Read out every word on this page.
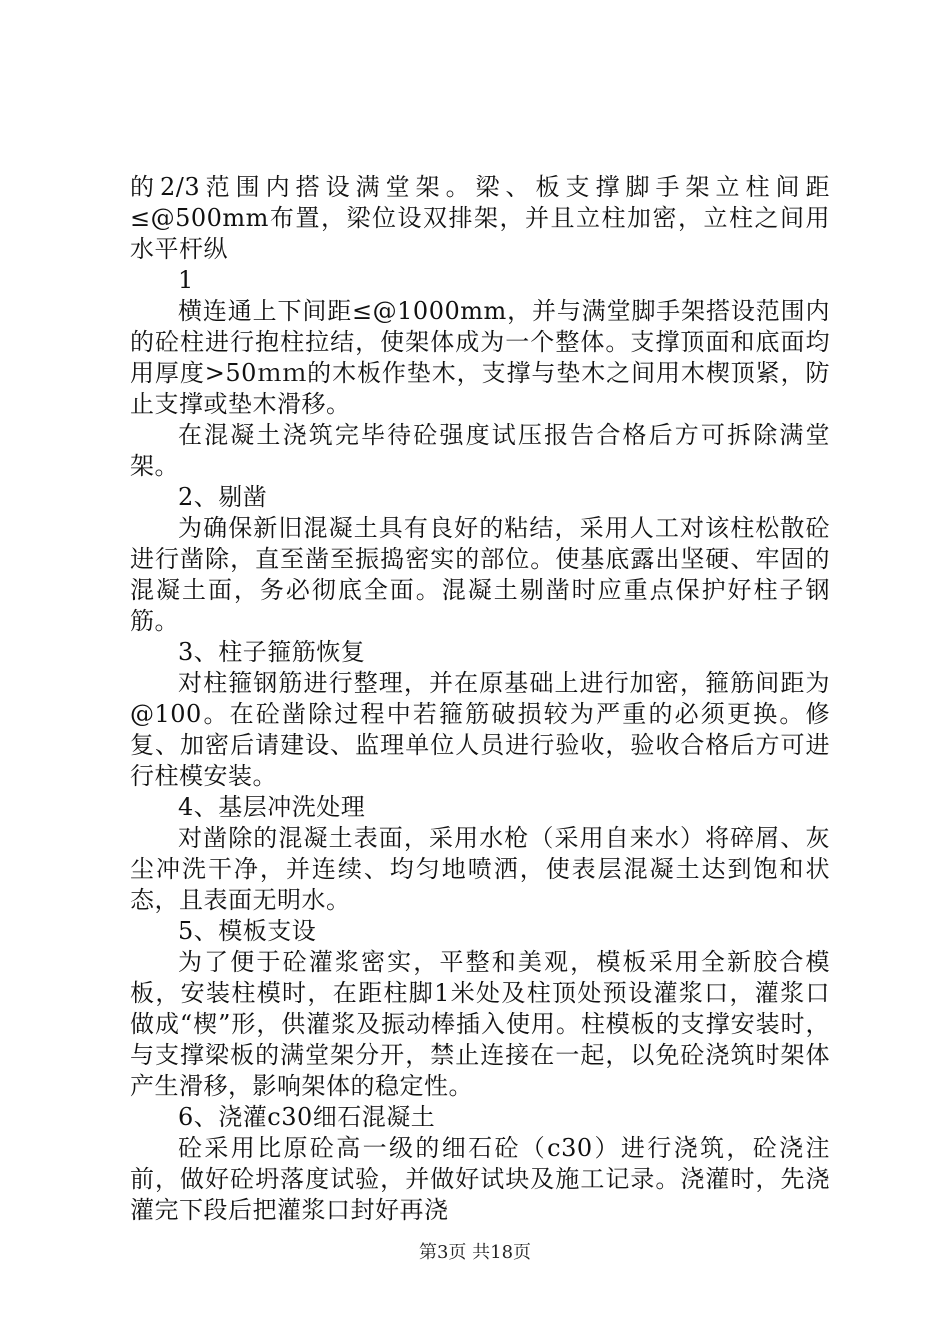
的2/3范围内搭设满堂架。梁、板支撑脚手架立柱间距≤@500mm布置，梁位设双排架，并且立柱加密，立柱之间用水平杆纵

1

横连通上下间距≤@1000mm，并与满堂脚手架搭设范围内的砼柱进行抱柱拉结，使架体成为一个整体。支撑顶面和底面均用厚度>50ｍｍ的木板作垫木，支撑与垫木之间用木楔顶紧，防止支撑或垫木滑移。

在混凝土浇筑完毕待砼强度试压报告合格后方可拆除满堂架。

2、剔凿

为确保新旧混凝土具有良好的粘结，采用人工对该柱松散砼进行凿除，直至凿至振捣密实的部位。使基底露出坚硬、牢固的混凝土面，务必彻底全面。混凝土剔凿时应重点保护好柱子钢筋。

3、柱子箍筋恢复

对柱箍钢筋进行整理，并在原基础上进行加密，箍筋间距为@100。在砼凿除过程中若箍筋破损较为严重的必须更换。修复、加密后请建设、监理单位人员进行验收，验收合格后方可进行柱模安装。

4、基层冲洗处理

对凿除的混凝土表面，采用水枪（采用自来水）将碎屑、灰尘冲洗干净，并连续、均匀地喷洒，使表层混凝土达到饱和状态，且表面无明水。

5、模板支设

为了便于砼灌浆密实，平整和美观，模板采用全新胶合模板，安装柱模时，在距柱脚1米处及柱顶处预设灌浆口，灌浆口做成“楔”形，供灌浆及振动棒插入使用。柱模板的支撑安装时，与支撑梁板的满堂架分开，禁止连接在一起，以免砼浇筑时架体产生滑移，影响架体的稳定性。

6、浇灌c30细石混凝土

砼采用比原砼高一级的细石砼（c30）进行浇筑，砼浇注前，做好砼坍落度试验，并做好试块及施工记录。浇灌时，先浇灌完下段后把灌浆口封好再浇

第3页 共18页
